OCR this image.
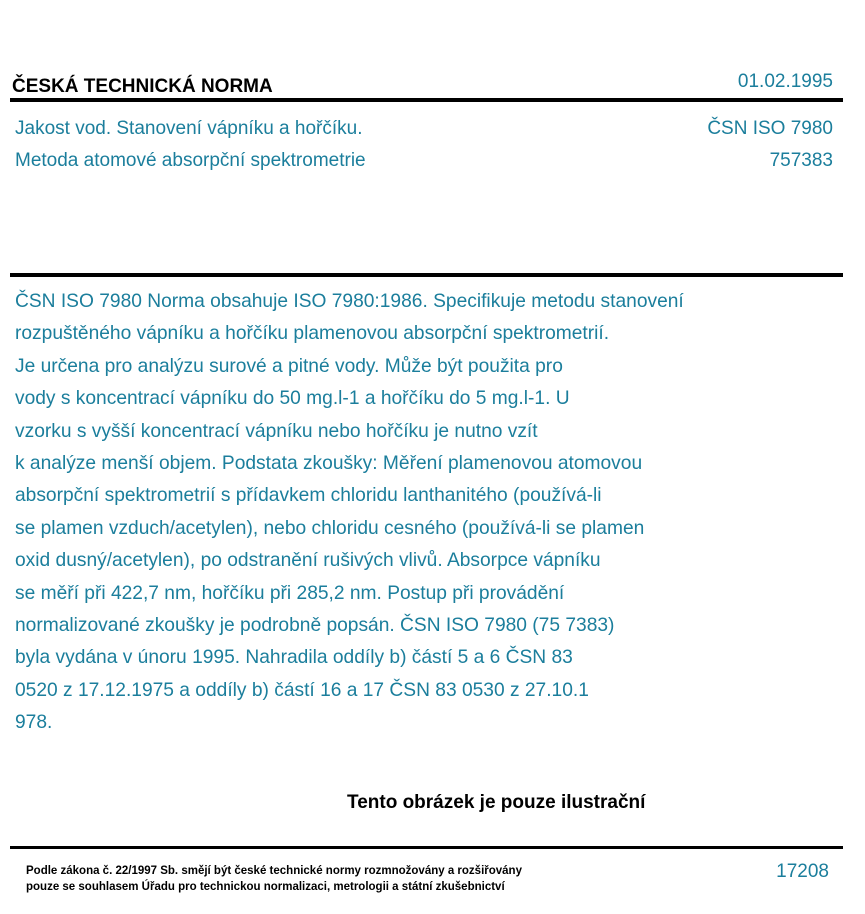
ČESKÁ TECHNICKÁ NORMA	01.02.1995
Jakost vod. Stanovení vápníku a hořčíku.
Metoda atomové absorpční spektrometrie
ČSN ISO 7980
757383
ČSN ISO 7980 Norma obsahuje ISO 7980:1986. Specifikuje metodu stanovení
rozpuštěného vápníku a hořčíku plamenovou absorpční spektrometrií.
Je určena pro analýzu surové a pitné vody. Může být použita pro
vody s koncentrací vápníku do 50 mg.l-1 a hořčíku do 5 mg.l-1. U
vzorku s vyšší koncentrací vápníku nebo hořčíku je nutno vzít
k analýze menší objem. Podstata zkoušky: Měření plamenovou atomovou
absorpční spektrometrií s přídavkem chloridu lanthanitého (používá-li
se plamen vzduch/acetylen), nebo chloridu cesného (používá-li se plamen
oxid dusný/acetylen), po odstranění rušivých vlivů. Absorpce vápníku
se měří při 422,7 nm, hořčíku při 285,2 nm. Postup při provádění
normalizované zkoušky je podrobně popsán. ČSN ISO 7980 (75 7383)
byla vydána v únoru 1995. Nahradila oddíly b) částí 5 a 6 ČSN 83
0520 z 17.12.1975 a oddíly b) částí 16 a 17 ČSN 83 0530 z 27.10.1
978.
Tento obrázek je pouze ilustrační
Podle zákona č. 22/1997 Sb. smějí být české technické normy rozmnožovány a rozšiřovány
pouze se souhlasem Úřadu pro technickou normalizaci, metrologii a státní zkušebnictví
17208
